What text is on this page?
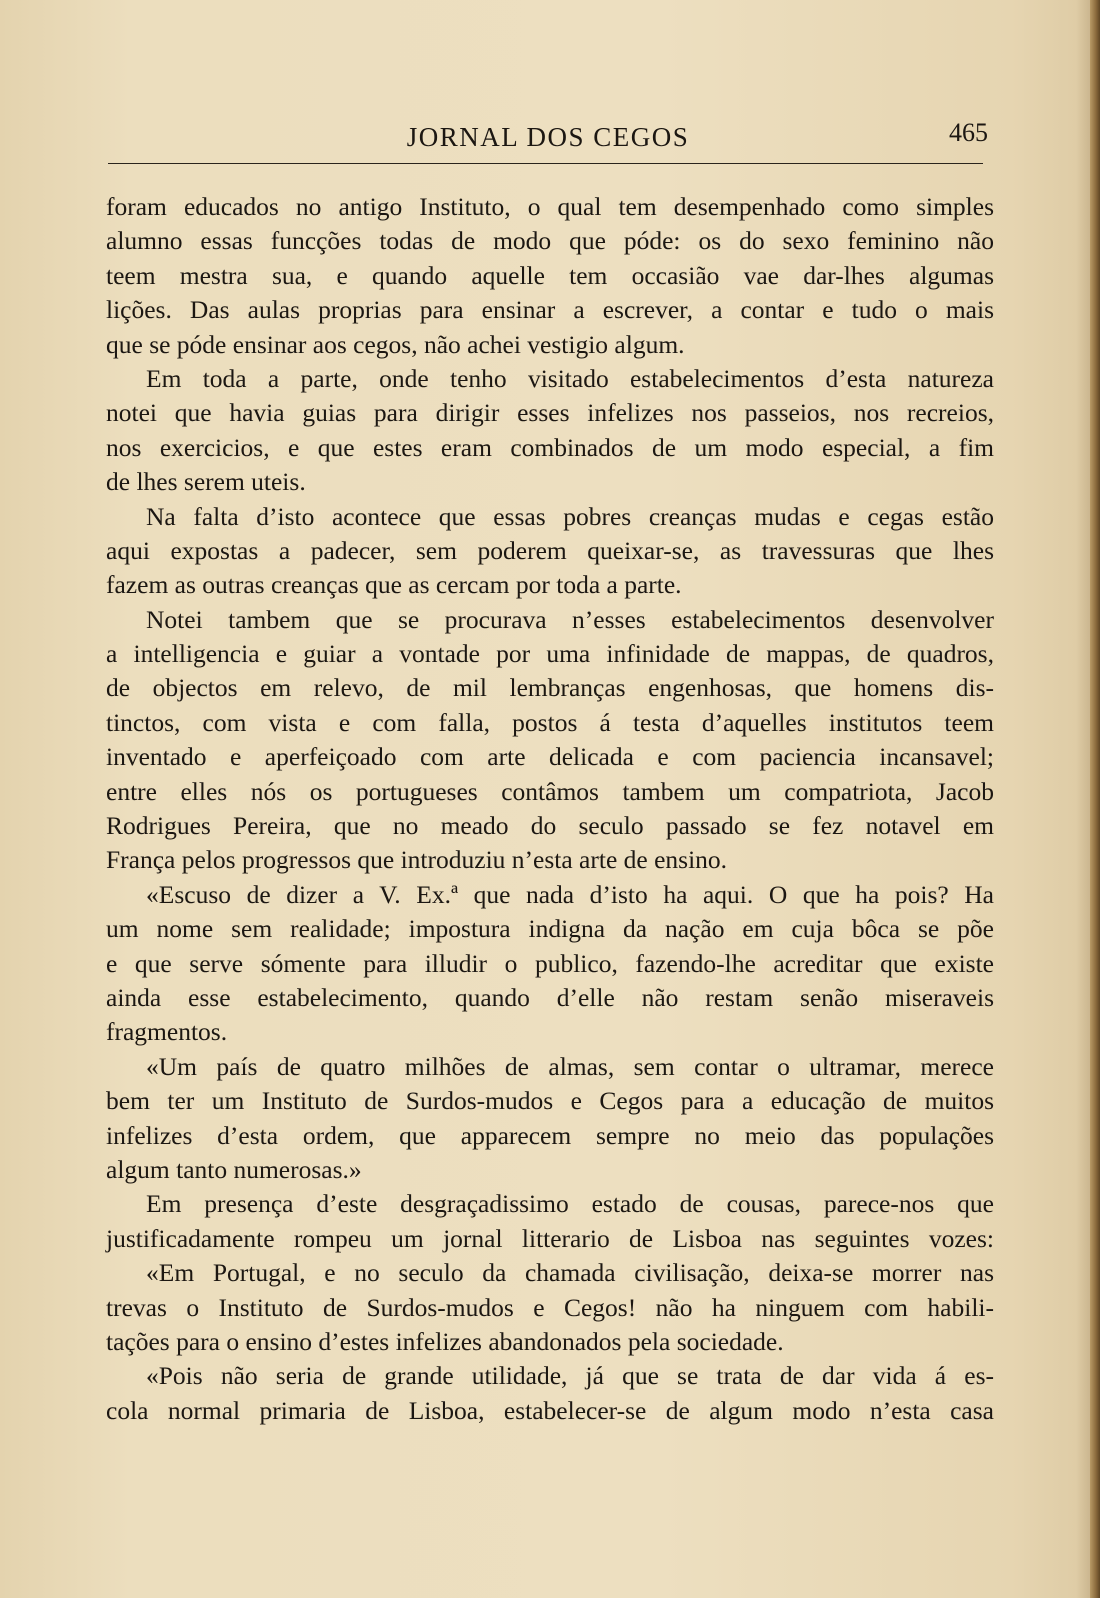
JORNAL DOS CEGOS	465
foram educados no antigo Instituto, o qual tem desempenhado como simples
alumno essas funcções todas de modo que póde: os do sexo feminino não
teem mestra sua, e quando aquelle tem occasião vae dar-lhes algumas
lições. Das aulas proprias para ensinar a escrever, a contar e tudo o mais
que se póde ensinar aos cegos, não achei vestigio algum.
Em toda a parte, onde tenho visitado estabelecimentos d’esta natureza
notei que havia guias para dirigir esses infelizes nos passeios, nos recreios,
nos exercicios, e que estes eram combinados de um modo especial, a fim
de lhes serem uteis.
Na falta d’isto acontece que essas pobres creanças mudas e cegas estão
aqui expostas a padecer, sem poderem queixar-se, as travessuras que lhes
fazem as outras creanças que as cercam por toda a parte.
Notei tambem que se procurava n’esses estabelecimentos desenvolver
a intelligencia e guiar a vontade por uma infinidade de mappas, de quadros,
de objectos em relevo, de mil lembranças engenhosas, que homens dis-
tinctos, com vista e com falla, postos á testa d’aquelles institutos teem
inventado e aperfeiçoado com arte delicada e com paciencia incansavel;
entre elles nós os portugueses contâmos tambem um compatriota, Jacob
Rodrigues Pereira, que no meado do seculo passado se fez notavel em
França pelos progressos que introduziu n’esta arte de ensino.
«Escuso de dizer a V. Ex.ª que nada d’isto ha aqui. O que ha pois? Ha
um nome sem realidade; impostura indigna da nação em cuja bôca se põe
e que serve sómente para illudir o publico, fazendo-lhe acreditar que existe
ainda esse estabelecimento, quando d’elle não restam senão miseraveis
fragmentos.
«Um país de quatro milhões de almas, sem contar o ultramar, merece
bem ter um Instituto de Surdos-mudos e Cegos para a educação de muitos
infelizes d’esta ordem, que apparecem sempre no meio das populações
algum tanto numerosas.»
Em presença d’este desgraçadissimo estado de cousas, parece-nos que
justificadamente rompeu um jornal litterario de Lisboa nas seguintes vozes:
«Em Portugal, e no seculo da chamada civilisação, deixa-se morrer nas
trevas o Instituto de Surdos-mudos e Cegos! não ha ninguem com habili-
tações para o ensino d’estes infelizes abandonados pela sociedade.
«Pois não seria de grande utilidade, já que se trata de dar vida á es-
cola normal primaria de Lisboa, estabelecer-se de algum modo n’esta casa
